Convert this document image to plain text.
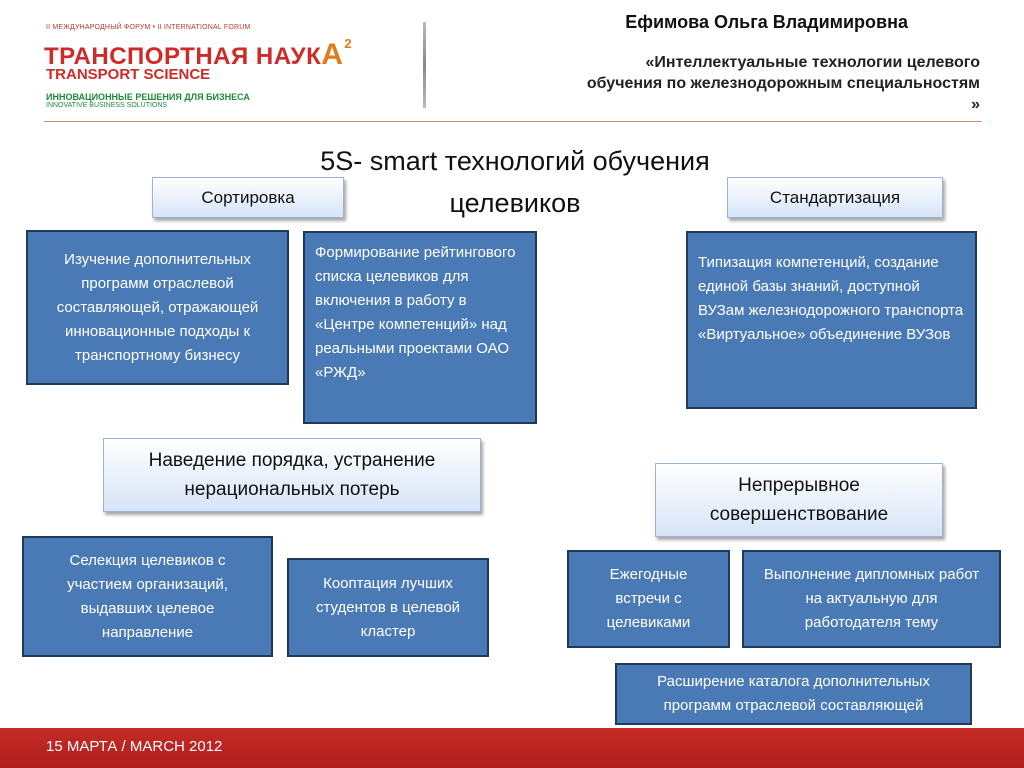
II МЕЖДУНАРОДНЫЙ ФОРУМ • II INTERNATIONAL FORUM
ТРАНСПОРТНАЯ НАУКА$^2$
TRANSPORT SCIENCE
ИННОВАЦИОННЫЕ РЕШЕНИЯ ДЛЯ БИЗНЕСА
INNOVATIVE BUSINESS SOLUTIONS
Ефимова Ольга Владимировна
«Интеллектуальные технологии целевого обучения по железнодорожным специальностям »
5S- smart технологий обучения целевиков
Сортировка	Стандартизация
Наведение порядка, устранение нерациональных потерь	Непрерывное совершенствование
Изучение дополнительных программ отраслевой составляющей, отражающей инновационные подходы к транспортному бизнесу
Формирование рейтингового списка целевиков для включения в работу в «Центре компетенций» над реальными проектами ОАО «РЖД»
Типизация компетенций, создание единой базы знаний, доступной ВУЗам железнодорожного транспорта «Виртуальное» объединение ВУЗов
Селекция целевиков с участием организаций, выдавших целевое направление
Кооптация лучших студентов в целевой кластер
Ежегодные встречи с целевиками
Выполнение дипломных работ на актуальную для работодателя тему
Расширение каталога дополнительных программ отраслевой составляющей
15 МАРТА / MARCH 2012
